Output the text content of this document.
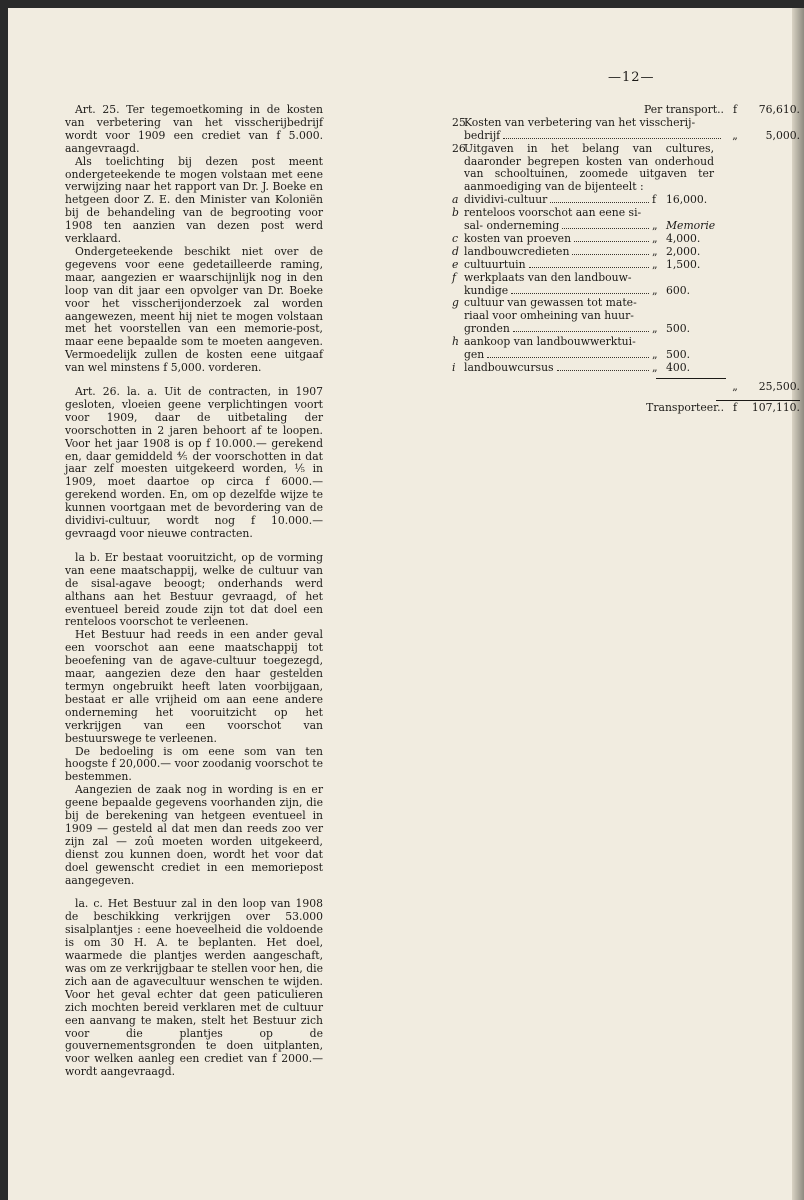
—12—

Art. 25. Ter tegemoetkoming in de kosten van verbetering van het visscherijbedrijf wordt voor 1909 een crediet van f 5.000. aangevraagd.

Als toelichting bij dezen post meent ondergeteekende te mogen volstaan met eene verwijzing naar het rapport van Dr. J. Boeke en hetgeen door Z. E. den Minister van Koloniën bij de behandeling van de begrooting voor 1908 ten aanzien van dezen post werd verklaard.

Ondergeteekende beschikt niet over de gegevens voor eene gedetailleerde raming, maar, aangezien er waarschijnlijk nog in den loop van dit jaar een opvolger van Dr. Boeke voor het visscherijonderzoek zal worden aangewezen, meent hij niet te mogen volstaan met het voorstellen van een memorie-post, maar eene bepaalde som te moeten aangeven. Vermoedelijk zullen de kosten eene uitgaaf van wel minstens f 5,000. vorderen.

Art. 26. la. a. Uit de contracten, in 1907 gesloten, vloeien geene verplichtingen voort voor 1909, daar de uitbetaling der voorschotten in 2 jaren behoort af te loopen. Voor het jaar 1908 is op f 10.000.— gerekend en, daar gemiddeld ⅘ der voorschotten in dat jaar zelf moesten uitgekeerd worden, ⅕ in 1909, moet daartoe op circa f 6000.— gerekend worden. En, om op dezelfde wijze te kunnen voortgaan met de bevordering van de dividivi-cultuur, wordt nog f 10.000.— gevraagd voor nieuwe contracten.

la b. Er bestaat vooruitzicht, op de vorming van eene maatschappij, welke de cultuur van de sisal-agave beoogt; onderhands werd althans aan het Bestuur gevraagd, of het eventueel bereid zoude zijn tot dat doel een renteloos voorschot te verleenen.

Het Bestuur had reeds in een ander geval een voorschot aan eene maatschappij tot beoefening van de agave-cultuur toegezegd, maar, aangezien deze den haar gestelden termyn ongebruikt heeft laten voorbijgaan, bestaat er alle vrijheid om aan eene andere onderneming het vooruitzicht op het verkrijgen van een voorschot van bestuurswege te verleenen.

De bedoeling is om eene som van ten hoogste f 20,000.— voor zoodanig voorschot te bestemmen.

Aangezien de zaak nog in wording is en er geene bepaalde gegevens voorhanden zijn, die bij de berekening van hetgeen eventueel in 1909 — gesteld al dat men dan reeds zoo ver zijn zal — zoû moeten worden uitgekeerd, dienst zou kunnen doen, wordt het voor dat doel gewenscht crediet in een memoriepost aangegeven.

la. c. Het Bestuur zal in den loop van 1908 de beschikking verkrijgen over 53.000 sisalplantjes : eene hoeveelheid die voldoende is om 30 H. A. te beplanten. Het doel, waarmede die plantjes werden aangeschaft, was om ze verkrijgbaar te stellen voor hen, die zich aan de agavecultuur wenschen te wijden. Voor het geval echter dat geen paticulieren zich mochten bereid verklaren met de cultuur een aanvang te maken, stelt het Bestuur zich voor die plantjes op de gouvernementsgronden te doen uitplanten, voor welken aanleg een crediet van f 2000.— wordt aangevraagd.

Per transport.. f	76,610.
25
Kosten van verbetering van het visscherij-
bedrijf	„	5,000.
26
Uitgaven in het belang van cultures, daaronder begrepen kosten van onderhoud van schooltuinen, zoomede uitgaven ter aanmoediging van de bijenteelt :
a dividivi-cultuur	f 16,000.
b renteloos voorschot aan eene si-
sal- onderneming	„ Memorie
c kosten van proeven	„ 4,000.
d landbouwcredieten	„ 2,000.
e cultuurtuin	„ 1,500.
f werkplaats van den landbouw-
kundige	„ 600.
g cultuur van gewassen tot mate-
riaal voor omheining van huur-
gronden	„ 500.
h aankoop van landbouwwerktui-
gen	„ 500.
i landbouwcursus	„ 400.
„	25,500.
Transporteer.. f	107,110.
